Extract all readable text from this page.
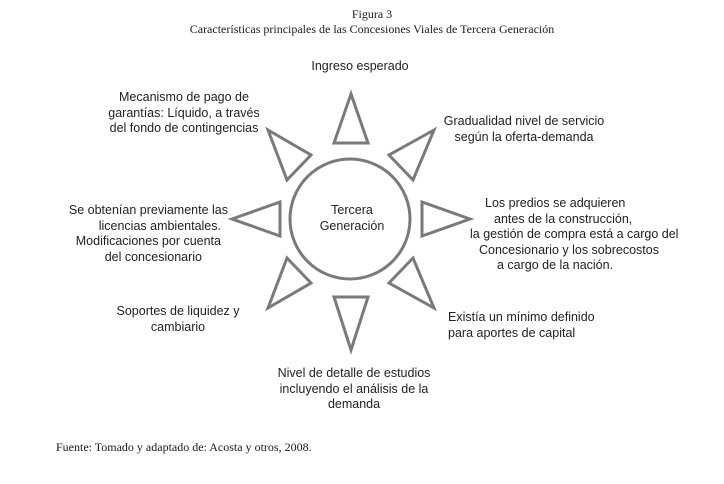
Figura 3
Características principales de las Concesiones Viales de Tercera Generación
Tercera
Generación
Ingreso esperado
Mecanismo de pago de
garantías: Líquido, a través
del fondo de contingencias	Gradualidad nivel de servicio
según la oferta-demanda
Se obtenían previamente las
licencias ambientales.
Modificaciones por cuenta
del concesionario
Los predios se adquieren
antes de la construcción,
la gestión de compra está a cargo del
Concesionario y los sobrecostos
a cargo de la nación.
Soportes de liquidez y
cambiario
Existía un mínimo definido
para aportes de capital
Nivel de detalle de estudios
incluyendo el análisis de la
demanda
Fuente: Tomado y adaptado de: Acosta y otros, 2008.
